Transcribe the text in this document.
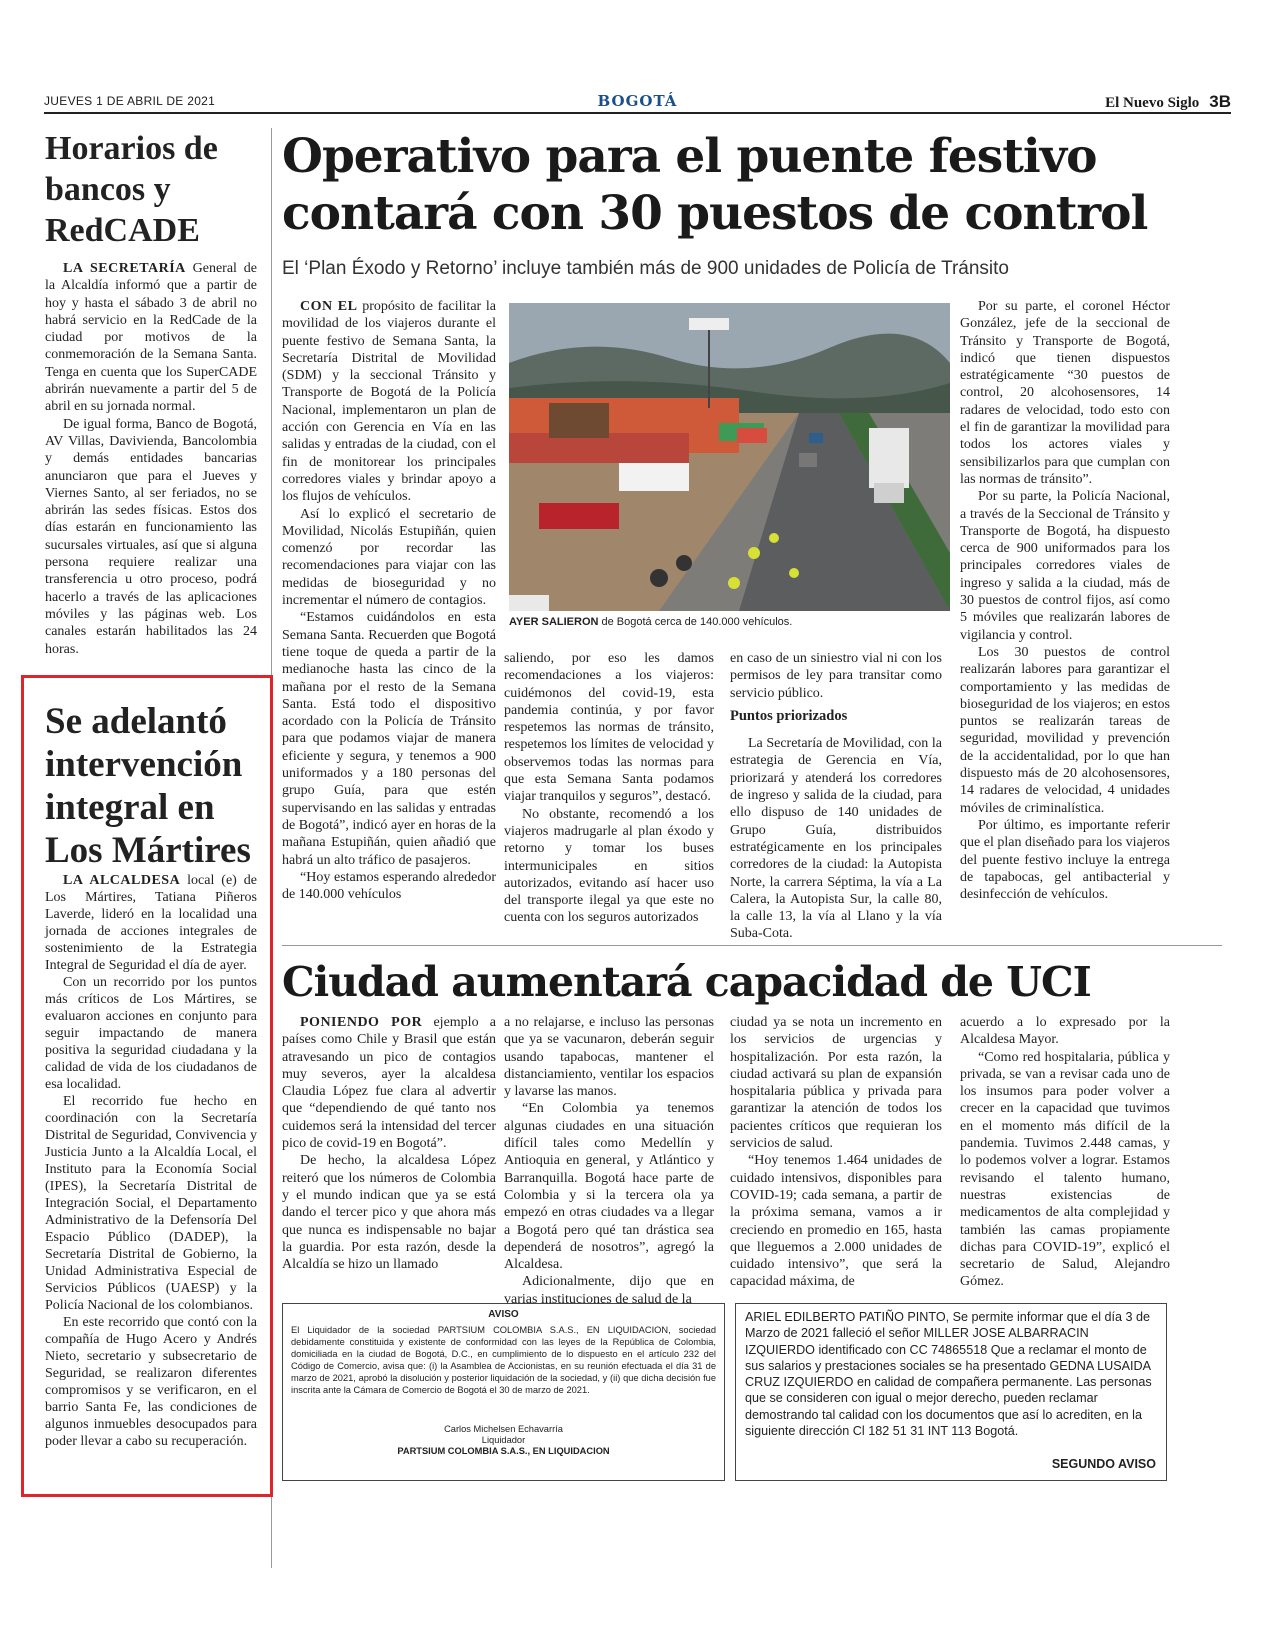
JUEVES 1 DE ABRIL DE 2021	BOGOTÁ	El Nuevo Siglo 3B
Horarios de bancos y RedCADE

LA SECRETARÍA General de la Alcaldía informó que a partir de hoy y hasta el sábado 3 de abril no habrá servicio en la RedCade de la ciudad por motivos de la conmemoración de la Semana Santa. Tenga en cuenta que los SuperCADE abrirán nuevamente a partir del 5 de abril en su jornada normal.

De igual forma, Banco de Bogotá, AV Villas, Davivienda, Bancolombia y demás entidades bancarias anunciaron que para el Jueves y Viernes Santo, al ser feriados, no se abrirán las sedes físicas. Estos dos días estarán en funcionamiento las sucursales virtuales, así que si alguna persona requiere realizar una transferencia u otro proceso, podrá hacerlo a través de las aplicaciones móviles y las páginas web. Los canales estarán habilitados las 24 horas.

Se adelantó intervención integral en Los Mártires

LA ALCALDESA local (e) de Los Mártires, Tatiana Piñeros Laverde, lideró en la localidad una jornada de acciones integrales de sostenimiento de la Estrategia Integral de Seguridad el día de ayer.

Con un recorrido por los puntos más críticos de Los Mártires, se evaluaron acciones en conjunto para seguir impactando de manera positiva la seguridad ciudadana y la calidad de vida de los ciudadanos de esa localidad.

El recorrido fue hecho en coordinación con la Secretaría Distrital de Seguridad, Convivencia y Justicia Junto a la Alcaldía Local, el Instituto para la Economía Social (IPES), la Secretaría Distrital de Integración Social, el Departamento Administrativo de la Defensoría Del Espacio Público (DADEP), la Secretaría Distrital de Gobierno, la Unidad Administrativa Especial de Servicios Públicos (UAESP) y la Policía Nacional de los colombianos.

En este recorrido que contó con la compañía de Hugo Acero y Andrés Nieto, secretario y subsecretario de Seguridad, se realizaron diferentes compromisos y se verificaron, en el barrio Santa Fe, las condiciones de algunos inmuebles desocupados para poder llevar a cabo su recuperación.

Operativo para el puente festivo contará con 30 puestos de control
El ‘Plan Éxodo y Retorno’ incluye también más de 900 unidades de Policía de Tránsito

CON EL propósito de facilitar la movilidad de los viajeros durante el puente festivo de Semana Santa, la Secretaría Distrital de Movilidad (SDM) y la seccional Tránsito y Transporte de Bogotá de la Policía Nacional, implementaron un plan de acción con Gerencia en Vía en las salidas y entradas de la ciudad, con el fin de monitorear los principales corredores viales y brindar apoyo a los flujos de vehículos.

Así lo explicó el secretario de Movilidad, Nicolás Estupiñán, quien comenzó por recordar las recomendaciones para viajar con las medidas de bioseguridad y no incrementar el número de contagios.

“Estamos cuidándolos en esta Semana Santa. Recuerden que Bogotá tiene toque de queda a partir de la medianoche hasta las cinco de la mañana por el resto de la Semana Santa. Está todo el dispositivo acordado con la Policía de Tránsito para que podamos viajar de manera eficiente y segura, y tenemos a 900 uniformados y a 180 personas del grupo Guía, para que estén supervisando en las salidas y entradas de Bogotá”, indicó ayer en horas de la mañana Estupiñán, quien añadió que habrá un alto tráfico de pasajeros.

“Hoy estamos esperando alrededor de 140.000 vehículos

AYER SALIERON de Bogotá cerca de 140.000 vehículos.

saliendo, por eso les damos recomendaciones a los viajeros: cuidémonos del covid-19, esta pandemia continúa, y por favor respetemos las normas de tránsito, respetemos los límites de velocidad y observemos todas las normas para que esta Semana Santa podamos viajar tranquilos y seguros”, destacó.

No obstante, recomendó a los viajeros madrugarle al plan éxodo y retorno y tomar los buses intermunicipales en sitios autorizados, evitando así hacer uso del transporte ilegal ya que este no cuenta con los seguros autorizados

en caso de un siniestro vial ni con los permisos de ley para transitar como servicio público.

Puntos priorizados

La Secretaría de Movilidad, con la estrategia de Gerencia en Vía, priorizará y atenderá los corredores de ingreso y salida de la ciudad, para ello dispuso de 140 unidades de Grupo Guía, distribuidos estratégicamente en los principales corredores de la ciudad: la Autopista Norte, la carrera Séptima, la vía a La Calera, la Autopista Sur, la calle 80, la calle 13, la vía al Llano y la vía Suba-Cota.

Por su parte, el coronel Héctor González, jefe de la seccional de Tránsito y Transporte de Bogotá, indicó que tienen dispuestos estratégicamente “30 puestos de control, 20 alcohosensores, 14 radares de velocidad, todo esto con el fin de garantizar la movilidad para todos los actores viales y sensibilizarlos para que cumplan con las normas de tránsito”.

Por su parte, la Policía Nacional, a través de la Seccional de Tránsito y Transporte de Bogotá, ha dispuesto cerca de 900 uniformados para los principales corredores viales de ingreso y salida a la ciudad, más de 30 puestos de control fijos, así como 5 móviles que realizarán labores de vigilancia y control.

Los 30 puestos de control realizarán labores para garantizar el comportamiento y las medidas de bioseguridad de los viajeros; en estos puntos se realizarán tareas de seguridad, movilidad y prevención de la accidentalidad, por lo que han dispuesto más de 20 alcohosensores, 14 radares de velocidad, 4 unidades móviles de criminalística.

Por último, es importante referir que el plan diseñado para los viajeros del puente festivo incluye la entrega de tapabocas, gel antibacterial y desinfección de vehículos.

Ciudad aumentará capacidad de UCI

PONIENDO POR ejemplo a países como Chile y Brasil que están atravesando un pico de contagios muy severos, ayer la alcaldesa Claudia López fue clara al advertir que “dependiendo de qué tanto nos cuidemos será la intensidad del tercer pico de covid-19 en Bogotá”.

De hecho, la alcaldesa López reiteró que los números de Colombia y el mundo indican que ya se está dando el tercer pico y que ahora más que nunca es indispensable no bajar la guardia. Por esta razón, desde la Alcaldía se hizo un llamado

a no relajarse, e incluso las personas que ya se vacunaron, deberán seguir usando tapabocas, mantener el distanciamiento, ventilar los espacios y lavarse las manos.

“En Colombia ya tenemos algunas ciudades en una situación difícil tales como Medellín y Antioquia en general, y Atlántico y Barranquilla. Bogotá hace parte de Colombia y si la tercera ola ya empezó en otras ciudades va a llegar a Bogotá pero qué tan drástica sea dependerá de nosotros”, agregó la Alcaldesa.

Adicionalmente, dijo que en varias instituciones de salud de la

ciudad ya se nota un incremento en los servicios de urgencias y hospitalización. Por esta razón, la ciudad activará su plan de expansión hospitalaria pública y privada para garantizar la atención de todos los pacientes críticos que requieran los servicios de salud.

“Hoy tenemos 1.464 unidades de cuidado intensivos, disponibles para COVID-19; cada semana, a partir de la próxima semana, vamos a ir creciendo en promedio en 165, hasta que lleguemos a 2.000 unidades de cuidado intensivo”, que será la capacidad máxima, de

acuerdo a lo expresado por la Alcaldesa Mayor.

“Como red hospitalaria, pública y privada, se van a revisar cada uno de los insumos para poder volver a crecer en la capacidad que tuvimos en el momento más difícil de la pandemia. Tuvimos 2.448 camas, y lo podemos volver a lograr. Estamos revisando el talento humano, nuestras existencias de medicamentos de alta complejidad y también las camas propiamente dichas para COVID-19”, explicó el secretario de Salud, Alejandro Gómez.

AVISO
El Liquidador de la sociedad PARTSIUM COLOMBIA S.A.S., EN LIQUIDACION, sociedad debidamente constituida y existente de conformidad con las leyes de la República de Colombia, domiciliada en la ciudad de Bogotá, D.C., en cumplimiento de lo dispuesto en el artículo 232 del Código de Comercio, avisa que: (i) la Asamblea de Accionistas, en su reunión efectuada el día 31 de marzo de 2021, aprobó la disolución y posterior liquidación de la sociedad, y (ii) que dicha decisión fue inscrita ante la Cámara de Comercio de Bogotá el 30 de marzo de 2021.
Carlos Michelsen Echavarría
Liquidador
PARTSIUM COLOMBIA S.A.S., EN LIQUIDACION
ARIEL EDILBERTO PATIÑO PINTO, Se permite informar que el día 3 de Marzo de 2021 falleció el señor MILLER JOSE ALBARRACIN IZQUIERDO identificado con CC 74865518 Que a reclamar el monto de sus salarios y prestaciones sociales se ha presentado GEDNA LUSAIDA CRUZ IZQUIERDO en calidad de compañera permanente. Las personas que se consideren con igual o mejor derecho, pueden reclamar demostrando tal calidad con los documentos que así lo acrediten, en la siguiente dirección Cl 182 51 31 INT 113 Bogotá.
SEGUNDO AVISO
